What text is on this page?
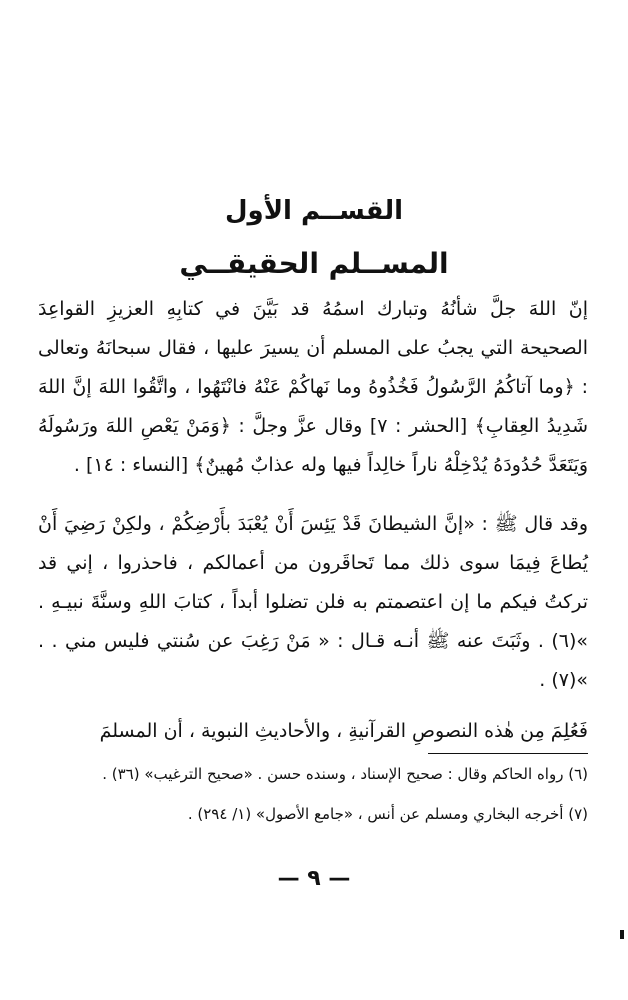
القســم الأول
المســلم الحقيقــي
إنّ اللهَ جلَّ شأنُهُ وتبارك اسمُهُ قد بَيَّنَ في كتابِهِ العزيزِ القواعِدَ الصحيحة التي يجبُ على المسلم أن يسيرَ عليها ، فقال سبحانَهُ وتعالى : ﴿وما آتاكُمُ الرَّسُولُ فَخُذُوهُ وما نَهاكُمْ عَنْهُ فانْتَهُوا ، واتَّقُوا اللهَ إنَّ اللهَ شَدِيدُ العِقابِ﴾ [الحشر : ٧] وقال عزَّ وجلَّ : ﴿وَمَنْ يَعْصِ اللهَ ورَسُولَهُ وَيَتَعَدَّ حُدُودَهُ يُدْخِلْهُ ناراً خالِداً فيها وله عذابٌ مُهينٌ﴾ [النساء : ١٤] .
وقد قال ﷺ : «إنَّ الشيطانَ قَدْ يَئِسَ أَنْ يُعْبَدَ بأَرْضِكُمْ ، ولكِنْ رَضِيَ أَنْ يُطاعَ فِيمَا سوى ذلك مما تَحاقَرون من أعمالكم ، فاحذروا ، إني قد تركتُ فيكم ما إن اعتصمتم به فلن تضلوا أبداً ، كتابَ اللهِ وسنَّةَ نبيـهِ . »(٦) . وثَبَتَ عنه ﷺ أنـه قـال : « مَنْ رَغِبَ عن سُنتي فليس مني . . »(٧) .
فَعُلِمَ مِن هٰذه النصوصِ القرآنيةِ ، والأحاديثِ النبوية ، أن المسلمَ
(٦) رواه الحاكم وقال : صحيح الإسناد ، وسنده حسن . «صحيح الترغيب» (٣٦) .
(٧) أخرجه البخاري ومسلم عن أنس ، «جامع الأصول» (١/ ٢٩٤) .
— ٩ —
